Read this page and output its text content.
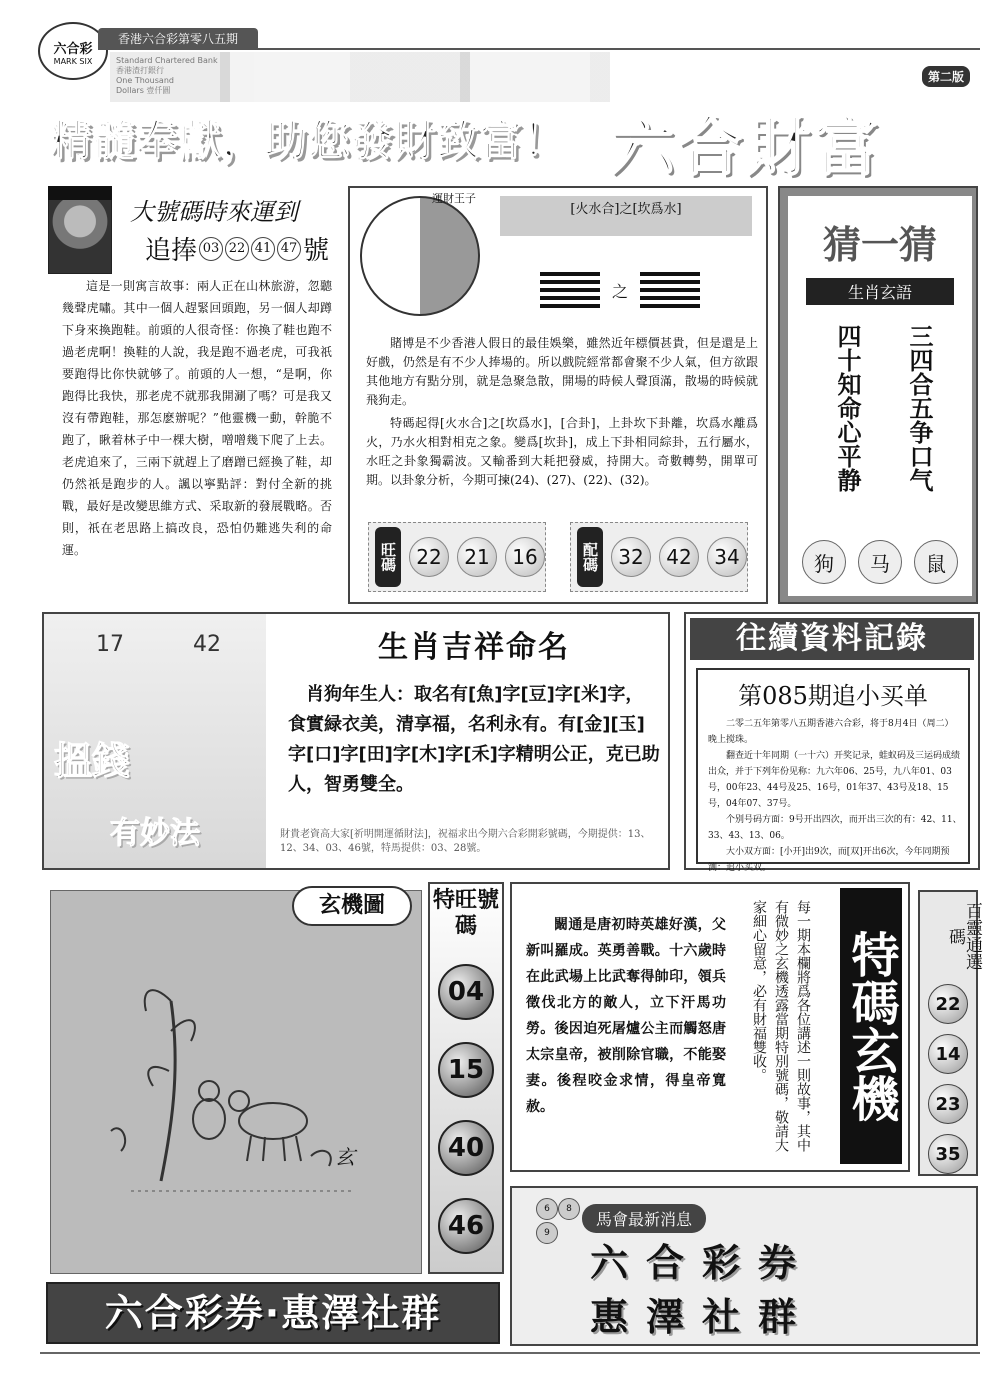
六合彩
MARK SIX
香港六合彩第零八五期
Standard Chartered Bank
香港渣打銀行
One Thousand
Dollars 壹仟圓
精髓奉獻，助您發財致富！
第二版
六合財富
大號碼時來運到
追捧 03 22 41 47 號
這是一則寓言故事：兩人正在山林旅游，忽聽幾聲虎嘯。其中一個人趕緊回頭跑，另一個人却蹲下身來換跑鞋。前頭的人很奇怪：你換了鞋也跑不過老虎啊！換鞋的人說，我是跑不過老虎，可我祇要跑得比你快就够了。前頭的人一想，“是啊，你跑得比我快，那老虎不就那我開涮了嗎？可是我又沒有帶跑鞋，那怎麽辦呢？”他靈機一動，幹脆不跑了，瞅着林子中一棵大樹，噌噌幾下爬了上去。老虎追來了，三兩下就趕上了磨蹭已經換了鞋，却仍然祇是跑步的人。諷以寧點評：對付全新的挑戰，最好是改變思維方式、采取新的發展戰略。否則，祇在老思路上搞改良，恐怕仍難逃失利的命運。
運財王子
[火水合]之[坎爲水]
之

賭博是不少香港人假日的最佳娛樂，雖然近年標價甚貴，但是還是上好戲，仍然是有不少人捧場的。所以戲院經常都會聚不少人氣，但方欲跟其他地方有點分別，就是急聚急散，開場的時候人聲頂滿，散場的時候就飛狗走。

特碼起得[火水合]之[坎爲水]，[合卦]，上卦坎下卦離，坎爲水離爲火，乃水火相對相克之象。變爲[坎卦]，成上下卦相同綜卦，五行屬水，水旺之卦象獨霸波。又輸番到大耗把發威，持開大。奇數轉勢，開單可期。以卦象分析，今期可揀(24)、(27)、(22)、(32)。

旺碼 22	21	16	配碼 32	42	34
猜一猜
生肖玄語
三四合五争口气
四十知命心平静
狗	马	鼠
17	42
搵錢
有妙法
生肖吉祥命名
肖狗年生人：取名有[魚]字[豆]字[米]字，食實緑衣美，清享福，名利永有。有[金][玉]字[口]字[田]字[木]字[禾]字精明公正，克已助人，智勇雙全。
財貴老資高大家[祈明開運循財法]，祝福求出今期六合彩開彩號碼，今期提供：13、12、34、03、46號，特馬提供：03、28號。
往續資料記錄
第085期追小买单

二零二五年第零八五期香港六合彩，将于8月4日（周二）晚上搅珠。

翻查近十年同期（一十六）开奖记录，蛙蚁码及三运码成绩出众，并于下列年份见称：九六年06、25号，九八年01、03号，00年23、44号及25、16号，01年37、43号及18、15号，04年07、37号。

个别号码方面：9号开出四次，而开出三次的有：42、11、33、43、13、06。

大小双方面：[小开]出9次，而[双]开出6次，今年同期预测：追小买双。

玄
玄機圖	特旺號碼
04
15
40
46
闞通是唐初時英雄好漢，父新叫羅成。英勇善戰。十六歲時在此武場上比武奪得帥印，領兵徵伐北方的敵人，立下汗馬功勞。後因迫死屠爐公主而觸怒唐太宗皇帝，被削除官職，不能娶妻。後程咬金求情，得皇帝寬赦。	每一期本欄將爲各位講述一則故事，其中有微妙之玄機透露當期特別號碼，敬請大家細心留意，必有財福雙收。	特碼玄機	百靈通選碼
22
14
23
35
六合彩券·惠澤社群
6 89
馬會最新消息
六合彩券
惠澤社群
